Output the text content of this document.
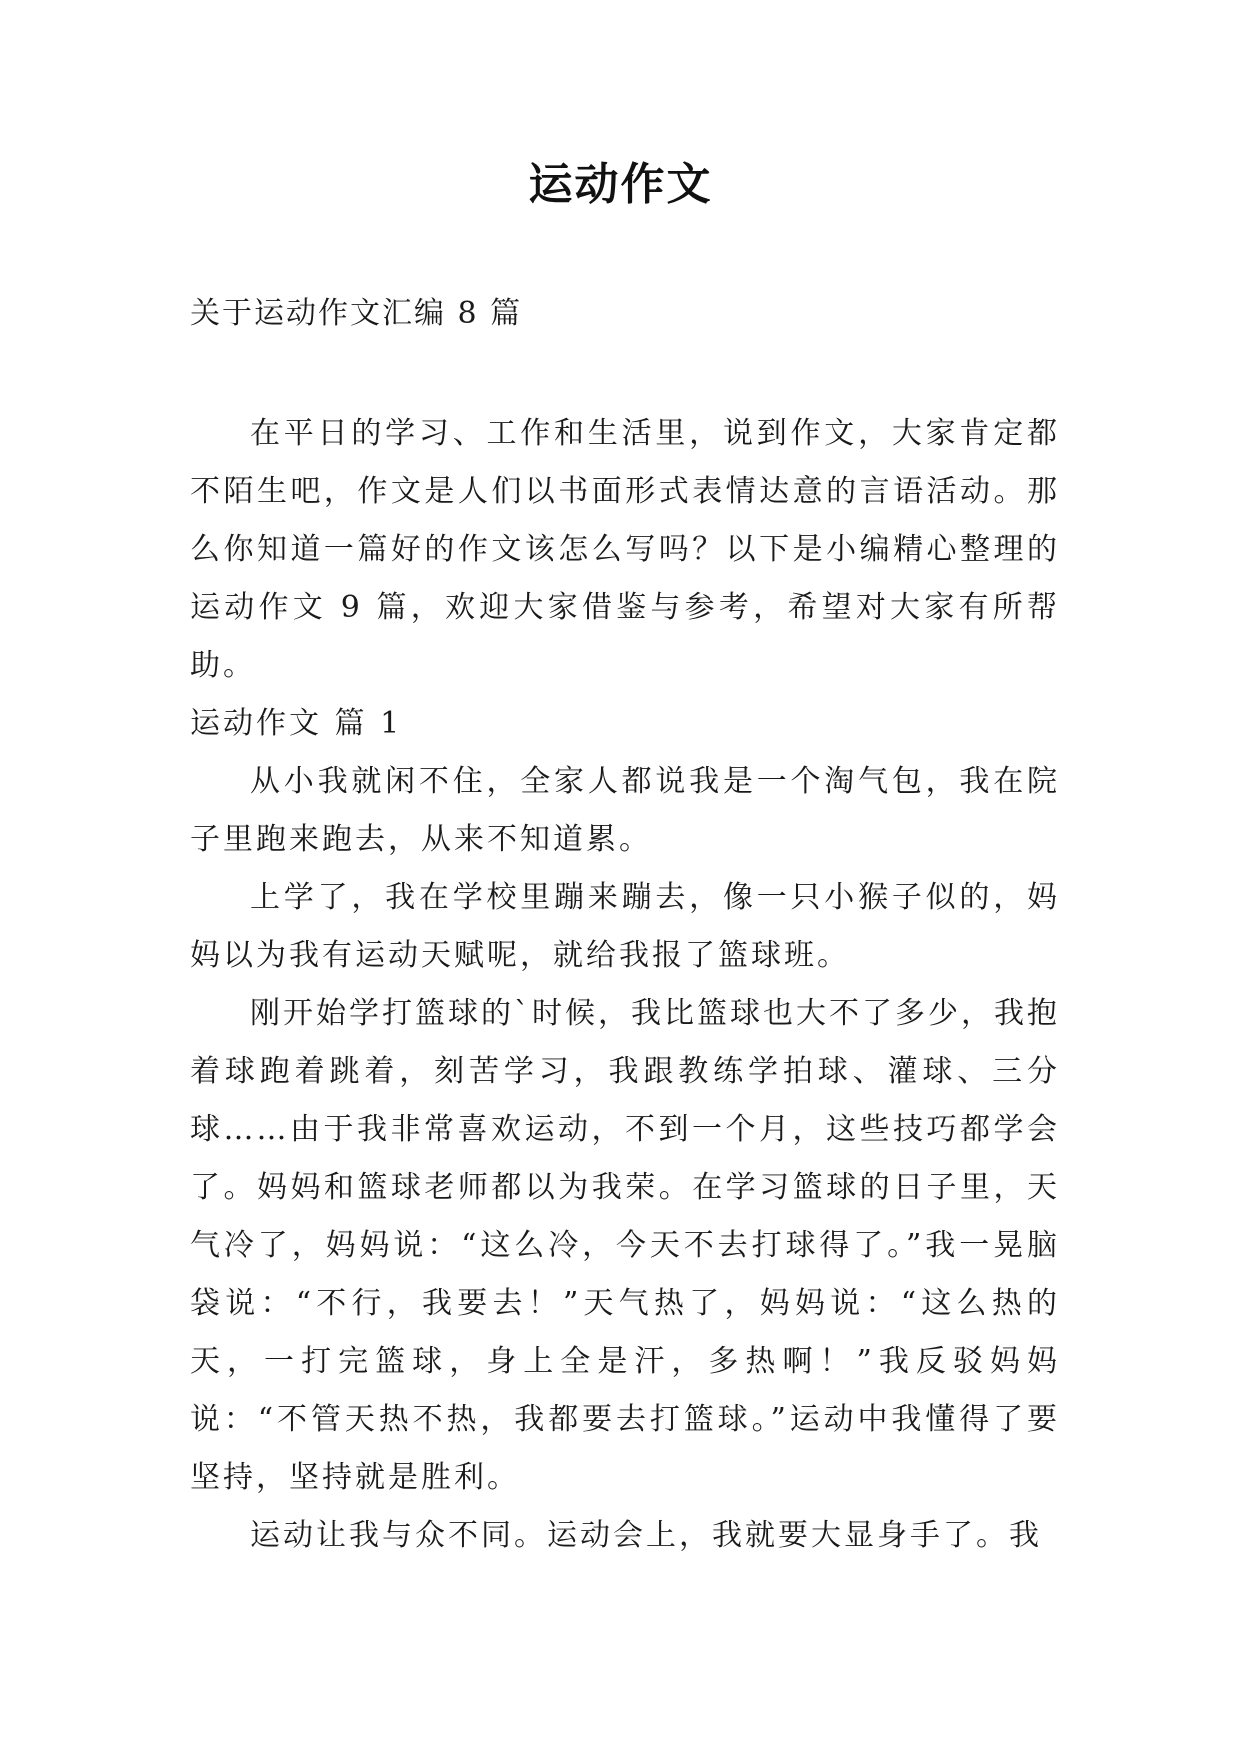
运动作文
关于运动作文汇编 8 篇

在平日的学习、工作和生活里，说到作文，大家肯定都不陌生吧，作文是人们以书面形式表情达意的言语活动。那么你知道一篇好的作文该怎么写吗？以下是小编精心整理的运动作文 9 篇，欢迎大家借鉴与参考，希望对大家有所帮助。

运动作文 篇 1

从小我就闲不住，全家人都说我是一个淘气包，我在院子里跑来跑去，从来不知道累。

上学了，我在学校里蹦来蹦去，像一只小猴子似的，妈妈以为我有运动天赋呢，就给我报了篮球班。

刚开始学打篮球的`时候，我比篮球也大不了多少，我抱着球跑着跳着，刻苦学习，我跟教练学拍球、灌球、三分球……由于我非常喜欢运动，不到一个月，这些技巧都学会了。妈妈和篮球老师都以为我荣。在学习篮球的日子里，天气冷了，妈妈说：“这么冷，今天不去打球得了。”我一晃脑袋说：“不行，我要去！”天气热了，妈妈说：“这么热的天，一打完篮球，身上全是汗，多热啊！”我反驳妈妈说：“不管天热不热，我都要去打篮球。”运动中我懂得了要坚持，坚持就是胜利。

运动让我与众不同。运动会上，我就要大显身手了。我
